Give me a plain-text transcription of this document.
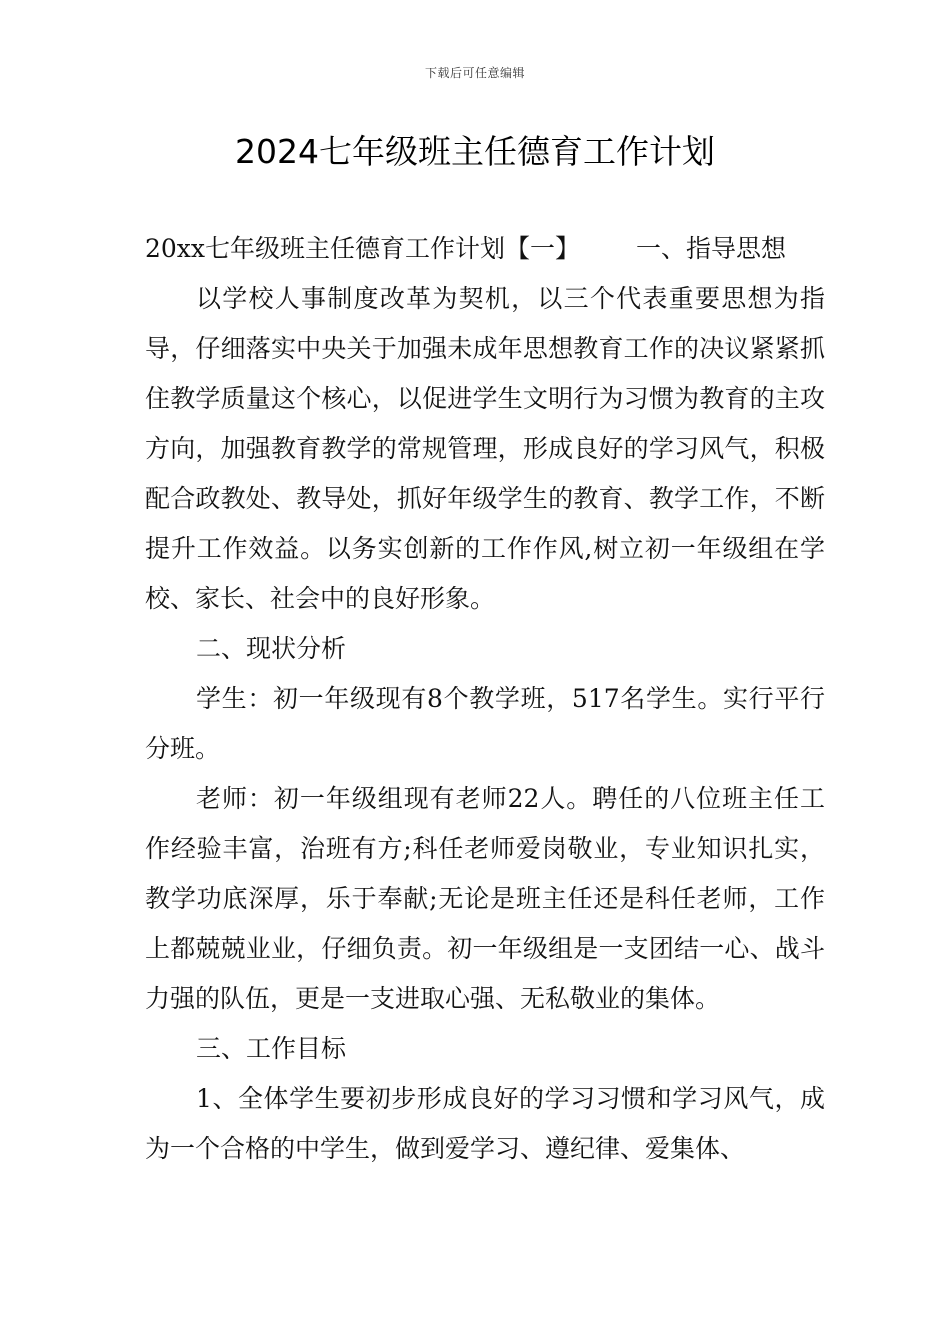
下载后可任意编辑
2024七年级班主任德育工作计划

20xx七年级班主任德育工作计划【一】 一、指导思想

以学校人事制度改革为契机，以三个代表重要思想为指导，仔细落实中央关于加强未成年思想教育工作的决议紧紧抓住教学质量这个核心，以促进学生文明行为习惯为教育的主攻方向，加强教育教学的常规管理，形成良好的学习风气，积极配合政教处、教导处，抓好年级学生的教育、教学工作，不断提升工作效益。以务实创新的工作作风,树立初一年级组在学校、家长、社会中的良好形象。

二、现状分析

学生：初一年级现有8个教学班，517名学生。实行平行分班。

老师：初一年级组现有老师22人。聘任的八位班主任工作经验丰富，治班有方;科任老师爱岗敬业，专业知识扎实，教学功底深厚，乐于奉献;无论是班主任还是科任老师，工作上都兢兢业业，仔细负责。初一年级组是一支团结一心、战斗力强的队伍，更是一支进取心强、无私敬业的集体。

三、工作目标

1、全体学生要初步形成良好的学习习惯和学习风气，成为一个合格的中学生，做到爱学习、遵纪律、爱集体、
